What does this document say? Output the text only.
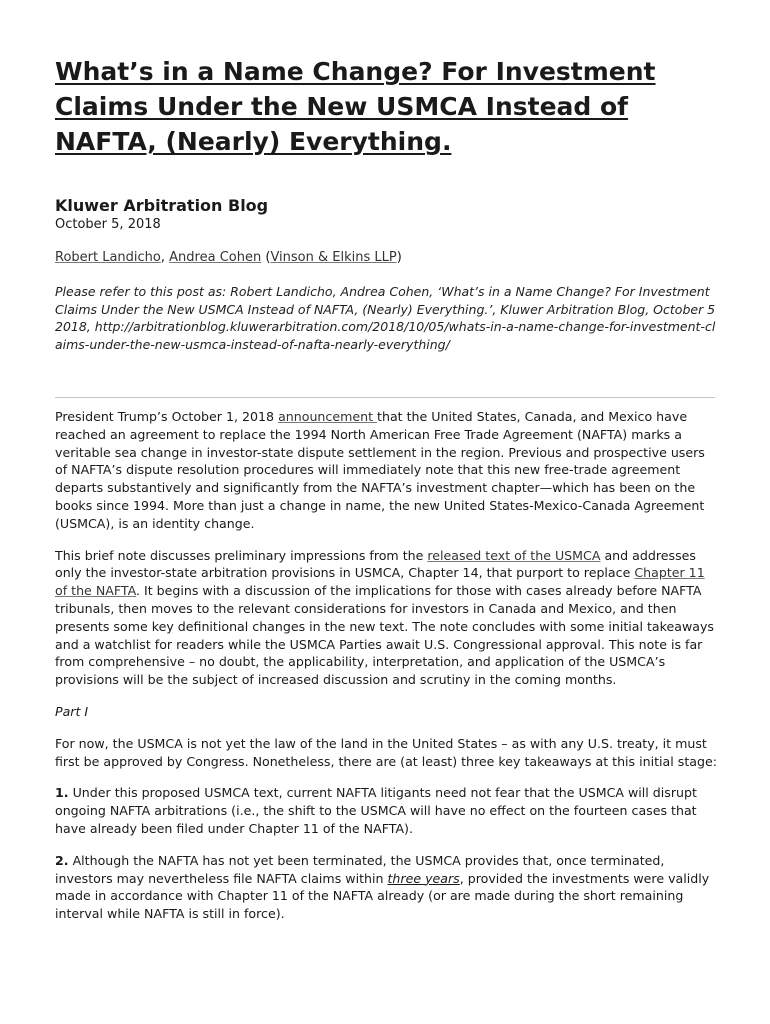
What’s in a Name Change? For Investment Claims Under the New USMCA Instead of NAFTA, (Nearly) Everything.
Kluwer Arbitration Blog
October 5, 2018
Robert Landicho, Andrea Cohen (Vinson & Elkins LLP)
Please refer to this post as: Robert Landicho, Andrea Cohen, ‘What’s in a Name Change? For Investment Claims Under the New USMCA Instead of NAFTA, (Nearly) Everything.’, Kluwer Arbitration Blog, October 5 2018, http://arbitrationblog.kluwerarbitration.com/2018/10/05/whats-in-a-name-change-for-investment-claims-under-the-new-usmca-instead-of-nafta-nearly-everything/

President Trump’s October 1, 2018 announcement that the United States, Canada, and Mexico have reached an agreement to replace the 1994 North American Free Trade Agreement (NAFTA) marks a veritable sea change in investor-state dispute settlement in the region. Previous and prospective users of NAFTA’s dispute resolution procedures will immediately note that this new free-trade agreement departs substantively and significantly from the NAFTA’s investment chapter—which has been on the books since 1994. More than just a change in name, the new United States-Mexico-Canada Agreement (USMCA), is an identity change.

This brief note discusses preliminary impressions from the released text of the USMCA and addresses only the investor-state arbitration provisions in USMCA, Chapter 14, that purport to replace Chapter 11 of the NAFTA. It begins with a discussion of the implications for those with cases already before NAFTA tribunals, then moves to the relevant considerations for investors in Canada and Mexico, and then presents some key definitional changes in the new text. The note concludes with some initial takeaways and a watchlist for readers while the USMCA Parties await U.S. Congressional approval. This note is far from comprehensive – no doubt, the applicability, interpretation, and application of the USMCA’s provisions will be the subject of increased discussion and scrutiny in the coming months.

Part I

For now, the USMCA is not yet the law of the land in the United States – as with any U.S. treaty, it must first be approved by Congress. Nonetheless, there are (at least) three key takeaways at this initial stage:

1. Under this proposed USMCA text, current NAFTA litigants need not fear that the USMCA will disrupt ongoing NAFTA arbitrations (i.e., the shift to the USMCA will have no effect on the fourteen cases that have already been filed under Chapter 11 of the NAFTA).

2. Although the NAFTA has not yet been terminated, the USMCA provides that, once terminated, investors may nevertheless file NAFTA claims within three years, provided the investments were validly made in accordance with Chapter 11 of the NAFTA already (or are made during the short remaining interval while NAFTA is still in force).
